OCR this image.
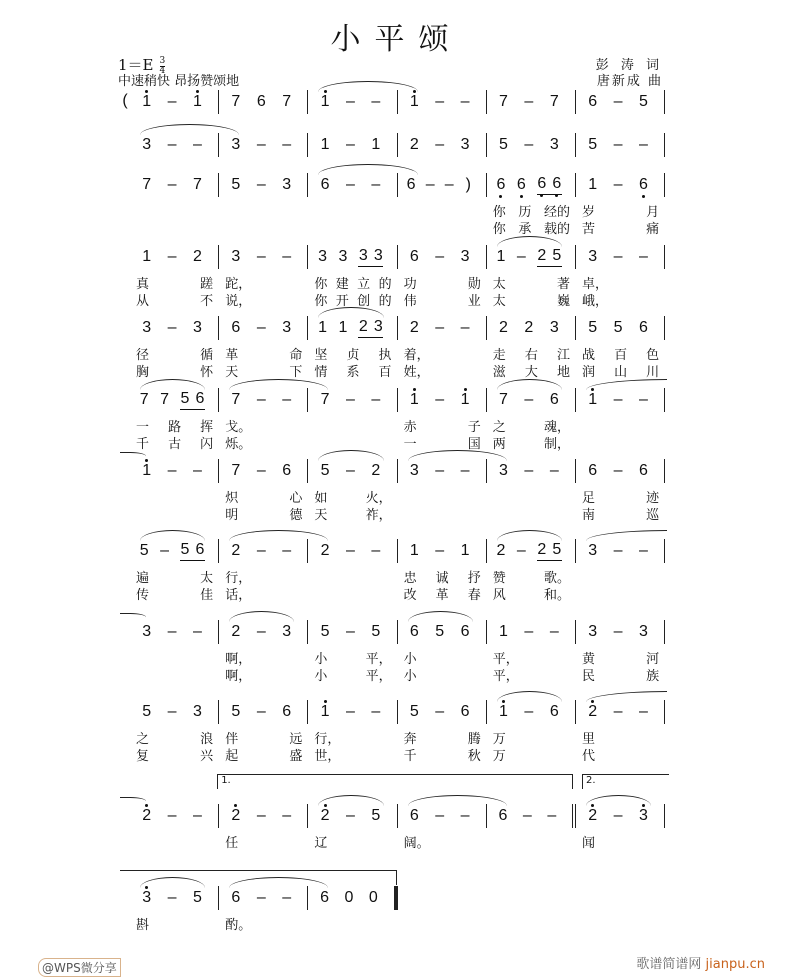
小平颂
$1=E \frac{3}{4}$
中速稍快 昂扬赞颂地
彭 涛 词
唐新成 曲
( 1 – 1 7 6 7 1 – – 1 – – 7 – 7 6 – 5
3 – – 3 – – 1 – 1 2 – 3 5 – 3 5 – –
7 – 7 5 – 3 6 – – 6 – – ) 6 6 6 6 1 – 6
你 历 经的 岁	月
你 承 载的 苦	痛
1 – 2 3 – – 3 3 3 3 6 – 3 1 – 2 5 3 – –
真	蹉 跎，	你 建 立 的 功	勋 太	著 卓，
从	不 说，	你 开 创 的 伟	业 太	巍 峨，
3 – 3 6 – 3 1 1 2 3 2 – – 2 2 3 5 5 6
径	循 革	命 坚 贞 执 着，	走 右 江 战 百 色
胸	怀 天	下 情 系 百 姓，	滋 大 地 润 山 川
7 7 5 6 7 – – 7 – – 1 – 1 7 – 6 1 – –
一 路 挥 戈。	赤	子 之	魂，
千 古 闪 烁。	一	国 两	制，
1 – – 7 – 6 5 – 2 3 – – 3 – – 6 – 6
炽	心 如	火，	足	迹
明	德 天	祚，	南	巡
5 – 5 6 2 – – 2 – – 1 – 1 2 – 2 5 3 – –
遍	太 行，	忠 诚 抒 赞	歌。
传	佳 话，	改 革 春 风	和。
3 – – 2 – 3 5 – 5 6 5 6 1 – – 3 – 3
啊，	小	平， 小	平，	黄	河
啊，	小	平， 小	平，	民	族
5 – 3 5 – 6 1 – – 5 – 6 1 – 6 2 – –
之	浪 伴	远 行，	奔	腾 万	里
复	兴 起	盛 世，	千	秋 万	代
2 – – 2 – – 2 – 5 6 – – 6 – – 2 – 3
1.	2.
任	辽	阔。	闻
3 – 5 6 – – 6 0 0
斟	酌。
@WPS微分享	歌谱简谱网 jianpu.cn
